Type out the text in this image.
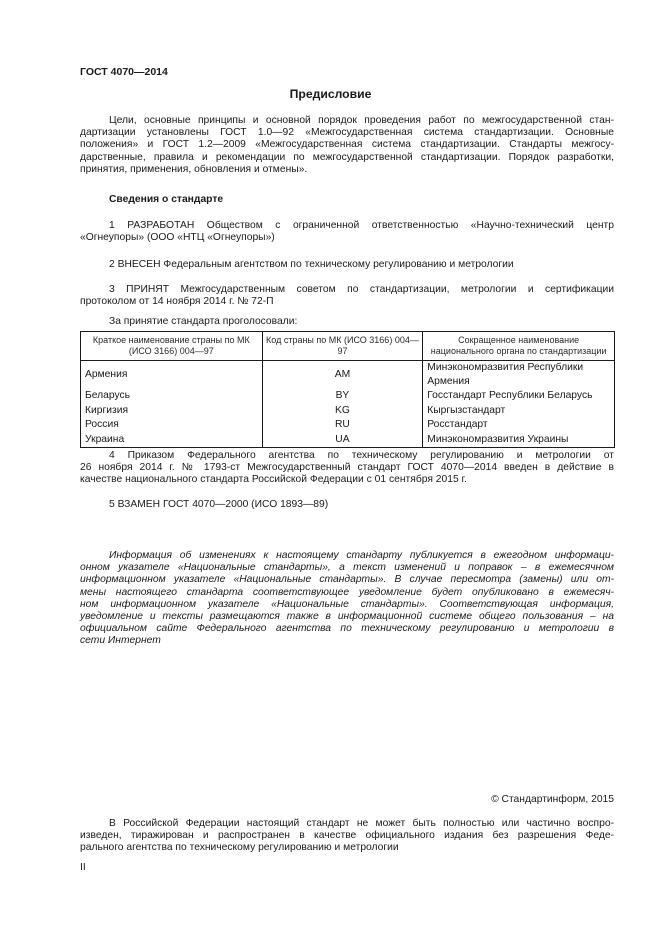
ГОСТ 4070—2014
Предисловие
Цели, основные принципы и основной порядок проведения работ по межгосударственной стан-
дартизации установлены ГОСТ 1.0—92 «Межгосударственная система стандартизации. Основные
положения» и ГОСТ 1.2—2009 «Межгосударственная система стандартизации. Стандарты межгосу-
дарственные, правила и рекомендации по межгосударственной стандартизации. Порядок разработки,
принятия, применения, обновления и отмены».
Сведения о стандарте
1 РАЗРАБОТАН Обществом с ограниченной ответственностью «Научно-технический центр
«Огнеупоры» (ООО «НТЦ «Огнеупоры»)
2 ВНЕСЕН Федеральным агентством по техническому регулированию и метрологии
3 ПРИНЯТ Межгосударственным советом по стандартизации, метрологии и сертификации
протоколом от 14 ноября 2014 г. № 72-П
За принятие стандарта проголосовали:
Краткое наименование страны по МК (ИСО 3166) 004—97	Код страны по МК (ИСО 3166) 004—97	Сокращенное наименование национального органа по стандартизации
Армения	AM	Минэкономразвития Республики Армения
Беларусь	BY	Госстандарт Республики Беларусь
Киргизия	KG	Кыргызстандарт
Россия	RU	Росстандарт
Украина	UA	Минэкономразвития Украины
4 Приказом Федерального агентства по техническому регулированию и метрологии от
26 ноября 2014 г. № 1793-ст Межгосударственный стандарт ГОСТ 4070—2014 введен в действие в
качестве национального стандарта Российской Федерации с 01 сентября 2015 г.
5 ВЗАМЕН ГОСТ 4070—2000 (ИСО 1893—89)
Информация об изменениях к настоящему стандарту публикуется в ежегодном информаци-
онном указателе «Национальные стандарты», а текст изменений и поправок – в ежемесячном
информационном указателе «Национальные стандарты». В случае пересмотра (замены) или от-
мены настоящего стандарта соответствующее уведомление будет опубликовано в ежемесяч-
ном информационном указателе «Национальные стандарты». Соответствующая информация,
уведомление и тексты размещаются также в информационной системе общего пользования – на
официальном сайте Федерального агентства по техническому регулированию и метрологии в
сети Интернет
© Стандартинформ, 2015
В Российской Федерации настоящий стандарт не может быть полностью или частично воспро-
изведен, тиражирован и распространен в качестве официального издания без разрешения Феде-
рального агентства по техническому регулированию и метрологии
II
